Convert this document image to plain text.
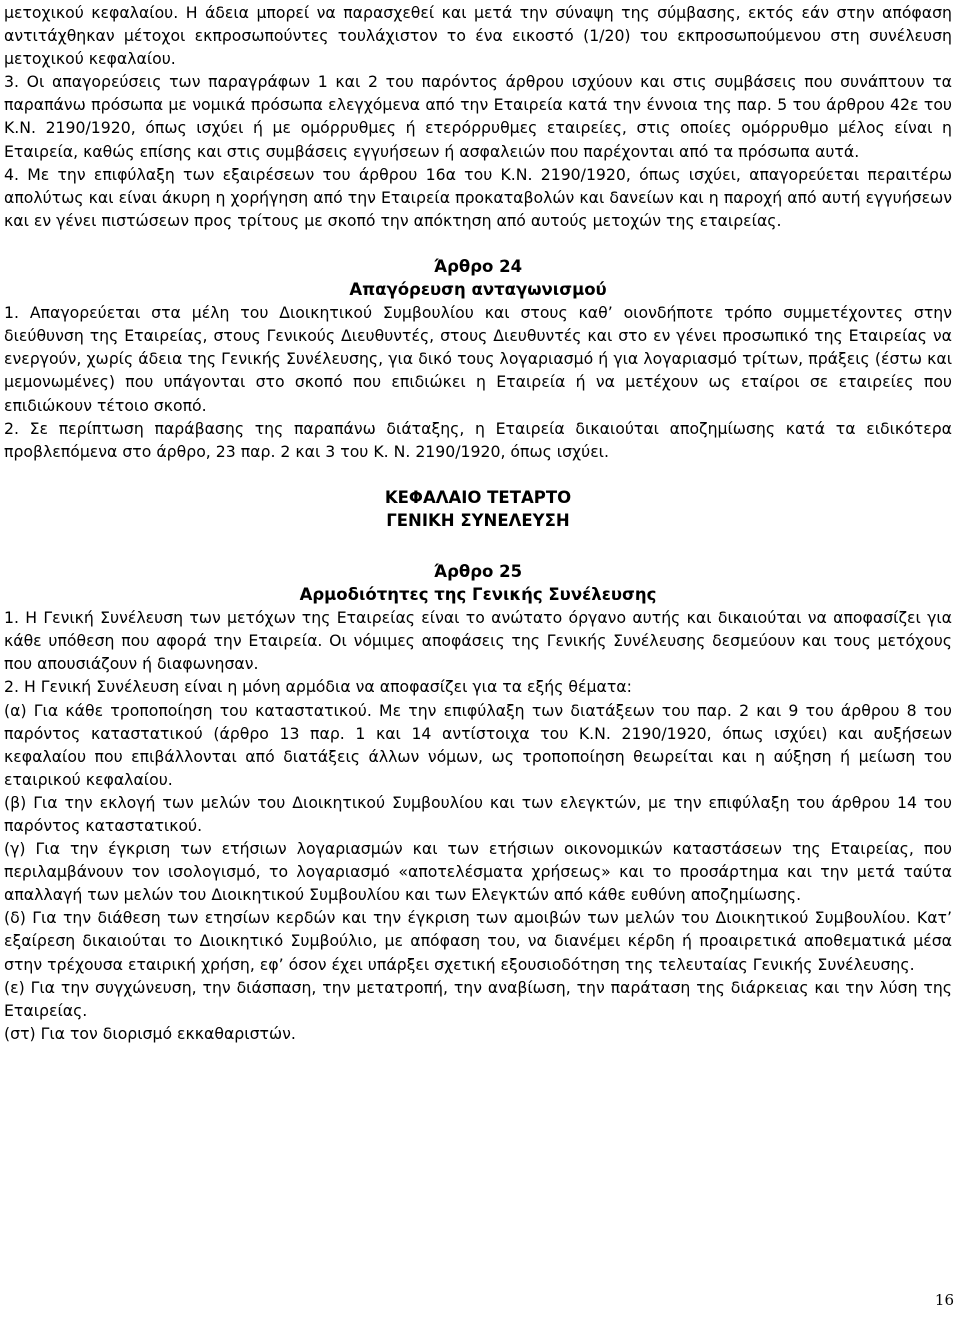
μετοχικού κεφαλαίου. Η άδεια μπορεί να παρασχεθεί και μετά την σύναψη της σύμβασης, εκτός εάν στην απόφαση αντιτάχθηκαν μέτοχοι εκπροσωπούντες τουλάχιστον το ένα εικοστό (1/20) του εκπροσωπούμενου στη συνέλευση μετοχικού κεφαλαίου.

3. Οι απαγορεύσεις των παραγράφων 1 και 2 του παρόντος άρθρου ισχύουν και στις συμβάσεις που συνάπτουν τα παραπάνω πρόσωπα με νομικά πρόσωπα ελεγχόμενα από την Εταιρεία κατά την έννοια της παρ. 5 του άρθρου 42ε του Κ.Ν. 2190/1920, όπως ισχύει ή με ομόρρυθμες ή ετερόρρυθμες εταιρείες, στις οποίες ομόρρυθμο μέλος είναι η Εταιρεία, καθώς επίσης και στις συμβάσεις εγγυήσεων ή ασφαλειών που παρέχονται από τα πρόσωπα αυτά.

4. Με την επιφύλαξη των εξαιρέσεων του άρθρου 16α του Κ.Ν. 2190/1920, όπως ισχύει, απαγορεύεται περαιτέρω απολύτως και είναι άκυρη η χορήγηση από την Εταιρεία προκαταβολών και δανείων και η παροχή από αυτή εγγυήσεων και εν γένει πιστώσεων προς τρίτους με σκοπό την απόκτηση από αυτούς μετοχών της εταιρείας.

Άρθρο 24

Απαγόρευση ανταγωνισμού

1. Απαγορεύεται στα μέλη του Διοικητικού Συμβουλίου και στους καθ’ οιονδήποτε τρόπο συμμετέχοντες στην διεύθυνση της Εταιρείας, στους Γενικούς Διευθυντές, στους Διευθυντές και στο εν γένει προσωπικό της Εταιρείας να ενεργούν, χωρίς άδεια της Γενικής Συνέλευσης, για δικό τους λογαριασμό ή για λογαριασμό τρίτων, πράξεις (έστω και μεμονωμένες) που υπάγονται στο σκοπό που επιδιώκει η Εταιρεία ή να μετέχουν ως εταίροι σε εταιρείες που επιδιώκουν τέτοιο σκοπό.

2. Σε περίπτωση παράβασης της παραπάνω διάταξης, η Εταιρεία δικαιούται αποζημίωσης κατά τα ειδικότερα προβλεπόμενα στο άρθρο, 23 παρ. 2 και 3 του Κ. Ν. 2190/1920, όπως ισχύει.

ΚΕΦΑΛΑΙΟ ΤΕΤΑΡΤΟ

ΓΕΝΙΚΗ ΣΥΝΕΛΕΥΣΗ

Άρθρο 25

Αρμοδιότητες της Γενικής Συνέλευσης

1. Η Γενική Συνέλευση των μετόχων της Εταιρείας είναι το ανώτατο όργανο αυτής και δικαιούται να αποφασίζει για κάθε υπόθεση που αφορά την Εταιρεία. Οι νόμιμες αποφάσεις της Γενικής Συνέλευσης δεσμεύουν και τους μετόχους που απουσιάζουν ή διαφωνησαν.

2. Η Γενική Συνέλευση είναι η μόνη αρμόδια να αποφασίζει για τα εξής θέματα:

(α) Για κάθε τροποποίηση του καταστατικού. Με την επιφύλαξη των διατάξεων του παρ. 2 και 9 του άρθρου 8 του παρόντος καταστατικού (άρθρο 13 παρ. 1 και 14 αντίστοιχα του Κ.Ν. 2190/1920, όπως ισχύει) και αυξήσεων κεφαλαίου που επιβάλλονται από διατάξεις άλλων νόμων, ως τροποποίηση θεωρείται και η αύξηση ή μείωση του εταιρικού κεφαλαίου.

(β) Για την εκλογή των μελών του Διοικητικού Συμβουλίου και των ελεγκτών, με την επιφύλαξη του άρθρου 14 του παρόντος καταστατικού.

(γ) Για την έγκριση των ετήσιων λογαριασμών και των ετήσιων οικονομικών καταστάσεων της Εταιρείας, που περιλαμβάνουν τον ισολογισμό, το λογαριασμό «αποτελέσματα χρήσεως» και το προσάρτημα και την μετά ταύτα απαλλαγή των μελών του Διοικητικού Συμβουλίου και των Ελεγκτών από κάθε ευθύνη αποζημίωσης.

(δ) Για την διάθεση των ετησίων κερδών και την έγκριση των αμοιβών των μελών του Διοικητικού Συμβουλίου. Κατ’ εξαίρεση δικαιούται το Διοικητικό Συμβούλιο, με απόφαση του, να διανέμει κέρδη ή προαιρετικά αποθεματικά μέσα στην τρέχουσα εταιρική χρήση, εφ’ όσον έχει υπάρξει σχετική εξουσιοδότηση της τελευταίας Γενικής Συνέλευσης.

(ε) Για την συγχώνευση, την διάσπαση, την μετατροπή, την αναβίωση, την παράταση της διάρκειας και την λύση της Εταιρείας.

(στ) Για τον διορισμό εκκαθαριστών.

16
